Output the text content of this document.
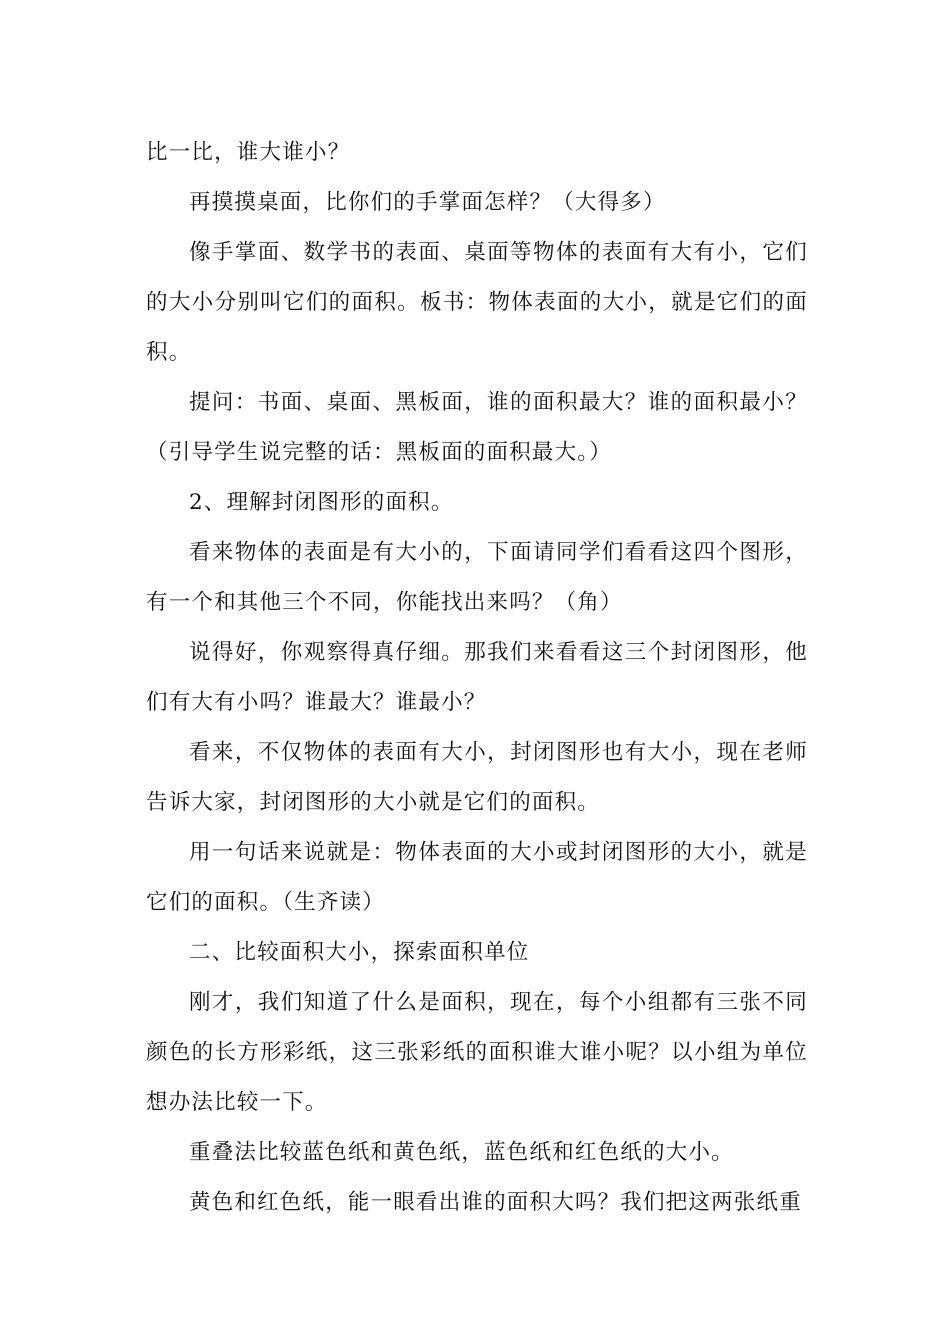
比一比，谁大谁小？

再摸摸桌面，比你们的手掌面怎样？（大得多）

像手掌面、数学书的表面、桌面等物体的表面有大有小，它们的大小分别叫它们的面积。板书：物体表面的大小，就是它们的面积。

提问：书面、桌面、黑板面，谁的面积最大？谁的面积最小？（引导学生说完整的话：黑板面的面积最大。）

2、理解封闭图形的面积。

看来物体的表面是有大小的，下面请同学们看看这四个图形，有一个和其他三个不同，你能找出来吗？（角）

说得好，你观察得真仔细。那我们来看看这三个封闭图形，他们有大有小吗？谁最大？谁最小？

看来，不仅物体的表面有大小，封闭图形也有大小，现在老师告诉大家，封闭图形的大小就是它们的面积。

用一句话来说就是：物体表面的大小或封闭图形的大小，就是它们的面积。（生齐读）

二、比较面积大小，探索面积单位

刚才，我们知道了什么是面积，现在，每个小组都有三张不同颜色的长方形彩纸，这三张彩纸的面积谁大谁小呢？以小组为单位想办法比较一下。

重叠法比较蓝色纸和黄色纸，蓝色纸和红色纸的大小。

黄色和红色纸，能一眼看出谁的面积大吗？我们把这两张纸重
